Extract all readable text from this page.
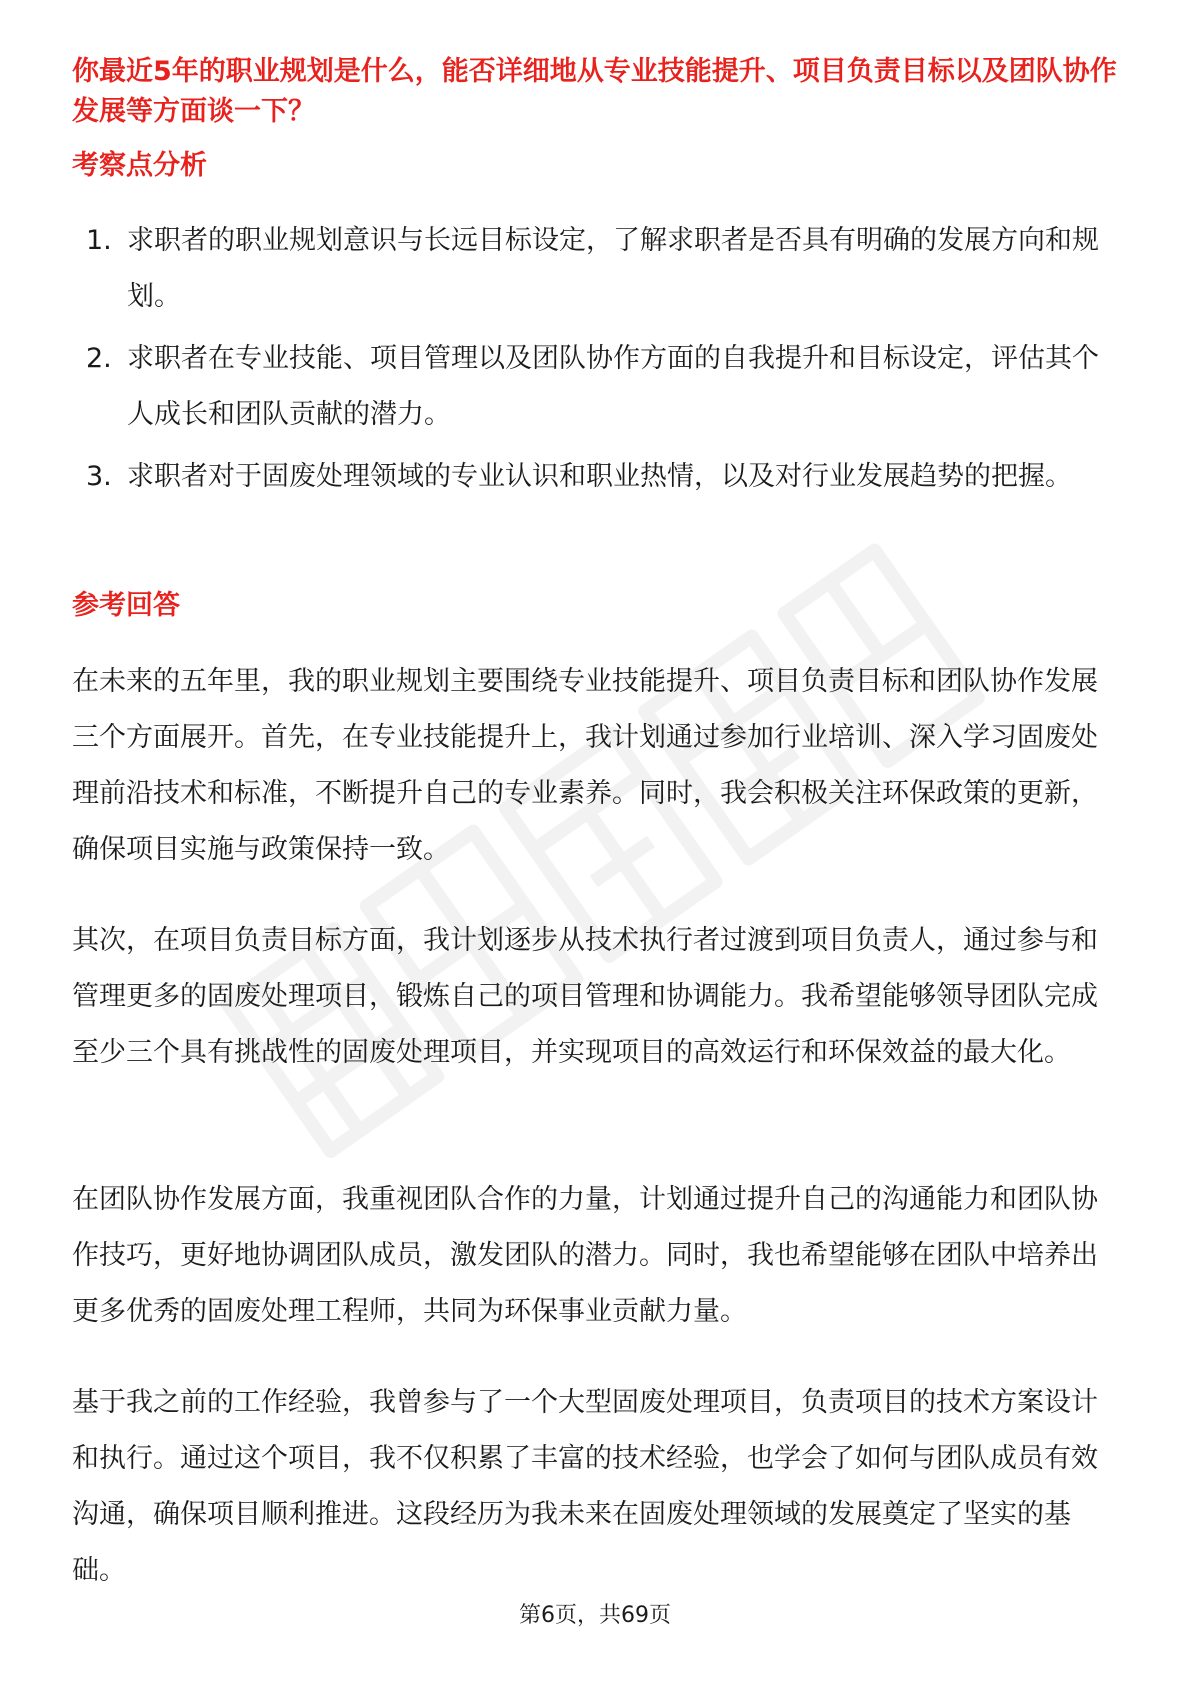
你最近5年的职业规划是什么，能否详细地从专业技能提升、项目负责目标以及团队协作发展等方面谈一下？
考察点分析
1. 求职者的职业规划意识与长远目标设定，了解求职者是否具有明确的发展方向和规划。
2. 求职者在专业技能、项目管理以及团队协作方面的自我提升和目标设定，评估其个人成长和团队贡献的潜力。
3. 求职者对于固废处理领域的专业认识和职业热情，以及对行业发展趋势的把握。
参考回答

在未来的五年里，我的职业规划主要围绕专业技能提升、项目负责目标和团队协作发展三个方面展开。首先，在专业技能提升上，我计划通过参加行业培训、深入学习固废处理前沿技术和标准，不断提升自己的专业素养。同时，我会积极关注环保政策的更新，确保项目实施与政策保持一致。

其次，在项目负责目标方面，我计划逐步从技术执行者过渡到项目负责人，通过参与和管理更多的固废处理项目，锻炼自己的项目管理和协调能力。我希望能够领导团队完成至少三个具有挑战性的固废处理项目，并实现项目的高效运行和环保效益的最大化。

在团队协作发展方面，我重视团队合作的力量，计划通过提升自己的沟通能力和团队协作技巧，更好地协调团队成员，激发团队的潜力。同时，我也希望能够在团队中培养出更多优秀的固废处理工程师，共同为环保事业贡献力量。

基于我之前的工作经验，我曾参与了一个大型固废处理项目，负责项目的技术方案设计和执行。通过这个项目，我不仅积累了丰富的技术经验，也学会了如何与团队成员有效沟通，确保项目顺利推进。这段经历为我未来在固废处理领域的发展奠定了坚实的基础。

第6页，共69页
